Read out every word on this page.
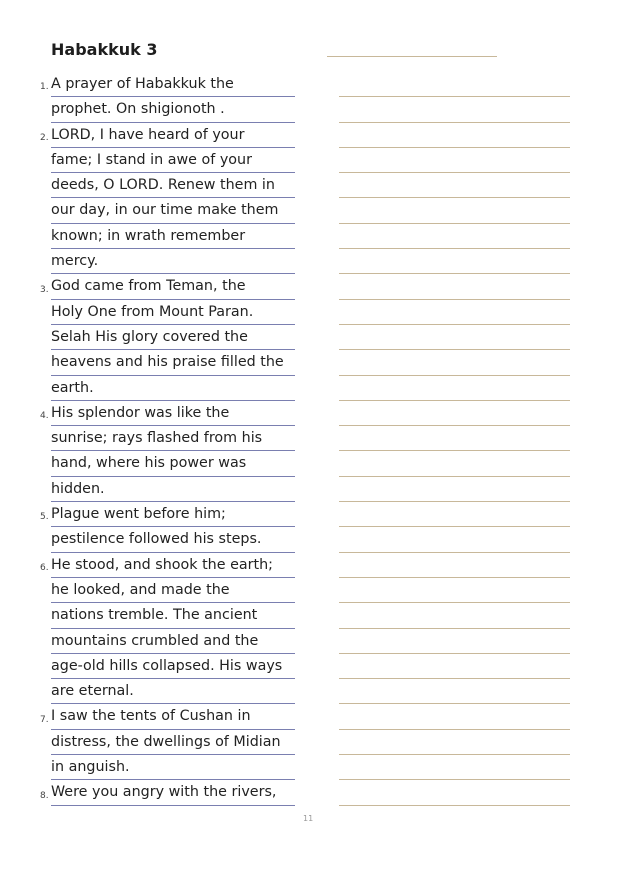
Habakkuk 3
1. A prayer of Habakkuk the
prophet. On shigionoth .
2. LORD, I have heard of your
fame; I stand in awe of your
deeds, O LORD. Renew them in
our day, in our time make them
known; in wrath remember
mercy.
3. God came from Teman, the
Holy One from Mount Paran.
Selah His glory covered the
heavens and his praise filled the
earth.
4. His splendor was like the
sunrise; rays flashed from his
hand, where his power was
hidden.
5. Plague went before him;
pestilence followed his steps.
6. He stood, and shook the earth;
he looked, and made the
nations tremble. The ancient
mountains crumbled and the
age-old hills collapsed. His ways
are eternal.
7. I saw the tents of Cushan in
distress, the dwellings of Midian
in anguish.
8. Were you angry with the rivers,
11
